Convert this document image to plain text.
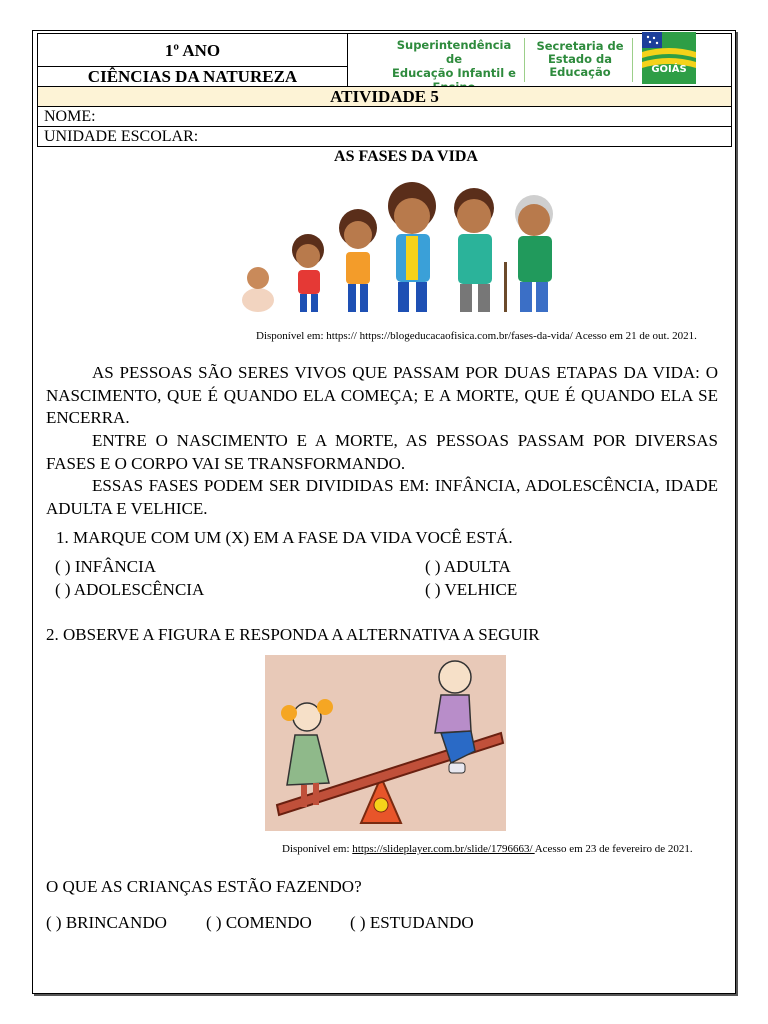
1º ANO
CIÊNCIAS DA NATUREZA
Superintendência de
Educação Infantil e
Secretaria de
Estado da
Educação	GOIÁS
ATIVIDADE 5
NOME:
UNIDADE ESCOLAR:
AS FASES DA VIDA
Disponível em: https:// https://blogeducacaofisica.com.br/fases-da-vida/ Acesso em 21 de out. 2021.
AS PESSOAS SÃO SERES VIVOS QUE PASSAM POR DUAS ETAPAS DA VIDA: O NASCIMENTO, QUE É QUANDO ELA COMEÇA; E A MORTE, QUE É QUANDO ELA SE ENCERRA.
ENTRE O NASCIMENTO E A MORTE, AS PESSOAS PASSAM POR DIVERSAS FASES E O CORPO VAI SE TRANSFORMANDO.
ESSAS FASES PODEM SER DIVIDIDAS EM: INFÂNCIA, ADOLESCÊNCIA, IDADE ADULTA E VELHICE.
1. MARQUE COM UM (X) EM A FASE DA VIDA VOCÊ ESTÁ.
( ) INFÂNCIA	( ) ADULTA
( ) ADOLESCÊNCIA	( ) VELHICE
2. OBSERVE A FIGURA E RESPONDA A ALTERNATIVA A SEGUIR
Disponível em: https://slideplayer.com.br/slide/1796663/ Acesso em 23 de fevereiro de 2021.
O QUE AS CRIANÇAS ESTÃO FAZENDO?
( ) BRINCANDO ( ) COMENDO ( ) ESTUDANDO
